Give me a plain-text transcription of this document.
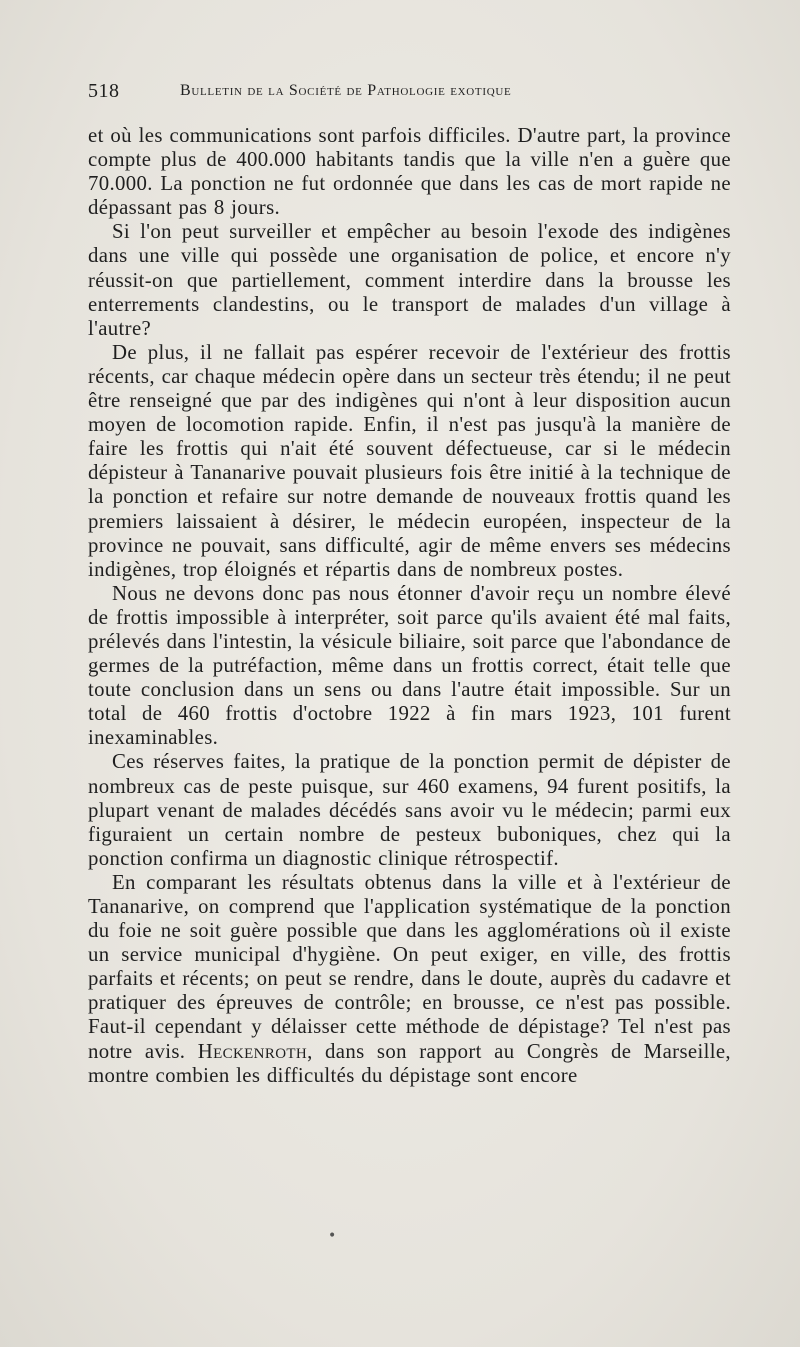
518	Bulletin de la Société de Pathologie exotique

et où les communications sont parfois difficiles. D'autre part, la province compte plus de 400.000 habitants tandis que la ville n'en a guère que 70.000. La ponction ne fut ordonnée que dans les cas de mort rapide ne dépassant pas 8 jours.

Si l'on peut surveiller et empêcher au besoin l'exode des indigènes dans une ville qui possède une organisation de police, et encore n'y réussit-on que partiellement, comment interdire dans la brousse les enterrements clandestins, ou le transport de malades d'un village à l'autre?

De plus, il ne fallait pas espérer recevoir de l'extérieur des frottis récents, car chaque médecin opère dans un secteur très étendu; il ne peut être renseigné que par des indigènes qui n'ont à leur disposition aucun moyen de locomotion rapide. Enfin, il n'est pas jusqu'à la manière de faire les frottis qui n'ait été souvent défectueuse, car si le médecin dépisteur à Tananarive pouvait plusieurs fois être initié à la technique de la ponction et refaire sur notre demande de nouveaux frottis quand les premiers laissaient à désirer, le médecin européen, inspecteur de la province ne pouvait, sans difficulté, agir de même envers ses médecins indigènes, trop éloignés et répartis dans de nombreux postes.

Nous ne devons donc pas nous étonner d'avoir reçu un nombre élevé de frottis impossible à interpréter, soit parce qu'ils avaient été mal faits, prélevés dans l'intestin, la vésicule biliaire, soit parce que l'abondance de germes de la putréfaction, même dans un frottis correct, était telle que toute conclusion dans un sens ou dans l'autre était impossible. Sur un total de 460 frottis d'octobre 1922 à fin mars 1923, 101 furent inexaminables.

Ces réserves faites, la pratique de la ponction permit de dépister de nombreux cas de peste puisque, sur 460 examens, 94 furent positifs, la plupart venant de malades décédés sans avoir vu le médecin; parmi eux figuraient un certain nombre de pesteux buboniques, chez qui la ponction confirma un diagnostic clinique rétrospectif.

En comparant les résultats obtenus dans la ville et à l'extérieur de Tananarive, on comprend que l'application systématique de la ponction du foie ne soit guère possible que dans les agglomérations où il existe un service municipal d'hygiène. On peut exiger, en ville, des frottis parfaits et récents; on peut se rendre, dans le doute, auprès du cadavre et pratiquer des épreuves de contrôle; en brousse, ce n'est pas possible. Faut-il cependant y délaisser cette méthode de dépistage? Tel n'est pas notre avis. Heckenroth, dans son rapport au Congrès de Marseille, montre combien les difficultés du dépistage sont encore

•
